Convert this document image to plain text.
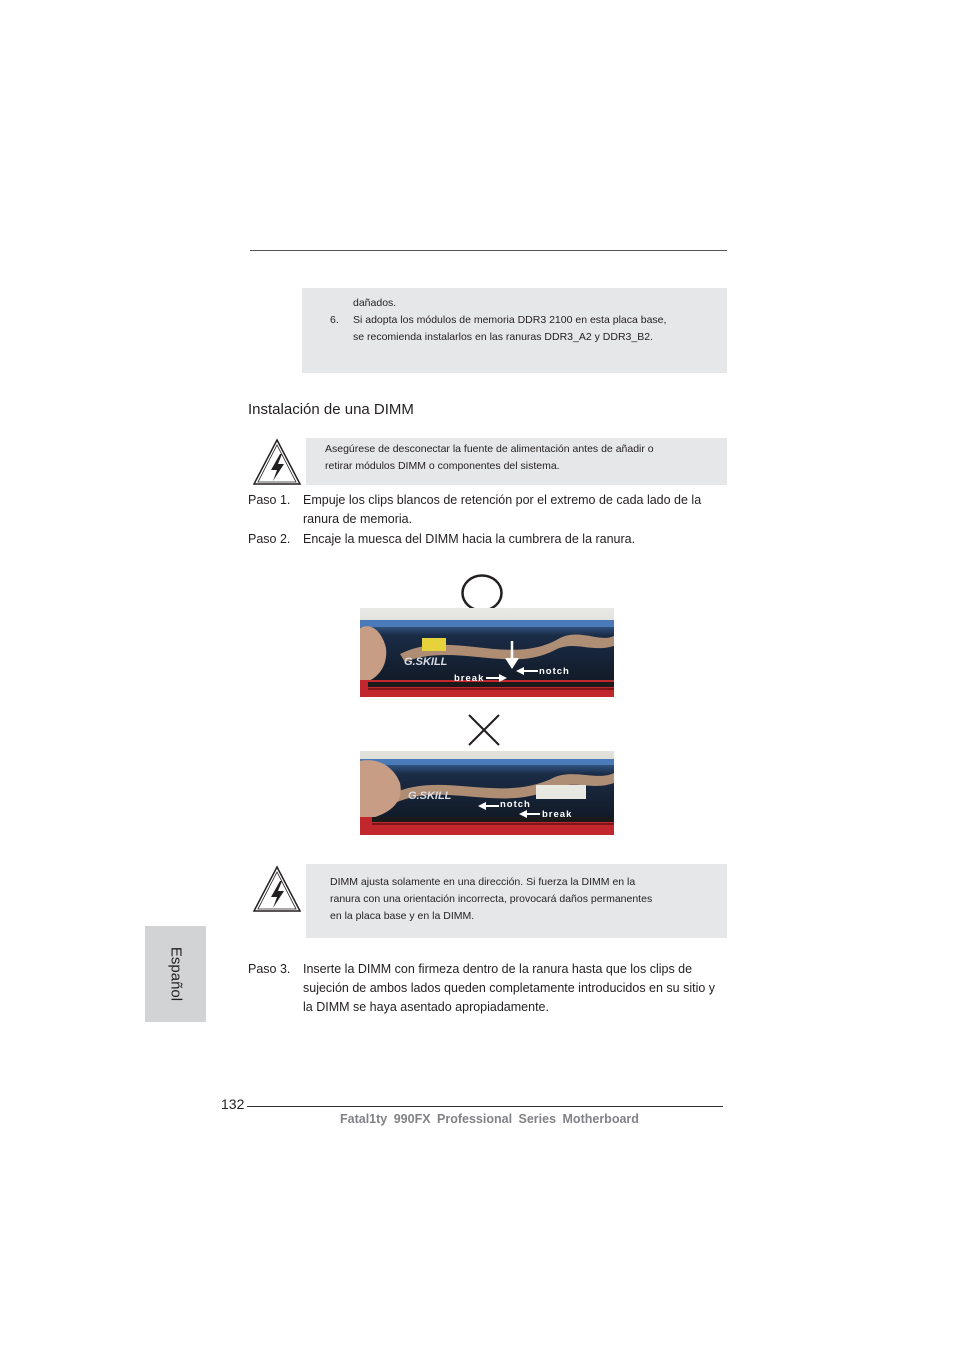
dañados.
6. Si adopta los módulos de memoria DDR3 2100 en esta placa base,
se recomienda instalarlos en las ranuras DDR3_A2 y DDR3_B2.
Instalación de una DIMM
Asegúrese de desconectar la fuente de alimentación antes de añadir o
retirar módulos DIMM o componentes del sistema.
Paso 1. Empuje los clips blancos de retención por el extremo de cada lado de la
ranura de memoria.
Paso 2. Encaje la muesca del DIMM hacia la cumbrera de la ranura.
G.SKILL
notch
break
G.SKILL
notch
break
DIMM ajusta solamente en una dirección. Si fuerza la DIMM en la
ranura con una orientación incorrecta, provocará daños permanentes
en la placa base y en la DIMM.
Español	Paso 3. Inserte la DIMM con firmeza dentro de la ranura hasta que los clips de
sujeción de ambos lados queden completamente introducidos en su sitio y
la DIMM se haya asentado apropiadamente.
132
Fatal1ty 990FX Professional Series Motherboard
